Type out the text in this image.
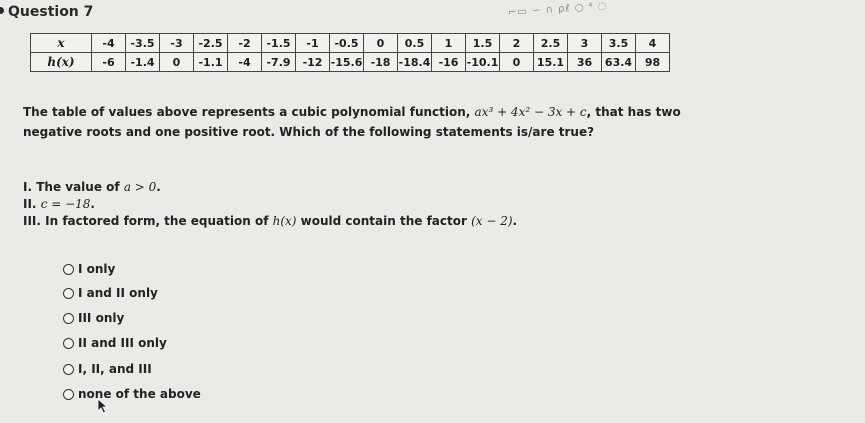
Question 7	⌐▭ ∽ ∩ ρℓ ○ ⁴ ◌
x	-4	-3.5	-3	-2.5	-2	-1.5	-1	-0.5	0	0.5	1	1.5	2	2.5	3	3.5	4
h(x)	-6	-1.4	0	-1.1	-4	-7.9	-12	-15.6	-18	-18.4	-16	-10.1	0	15.1	36	63.4	98
The table of values above represents a cubic polynomial function, ax³ + 4x² − 3x + c, that has two
negative roots and one positive root. Which of the following statements is/are true?
I. The value of a > 0.
II. c = −18.
III. In factored form, the equation of h(x) would contain the factor (x − 2).
I only
I and II only
III only
II and III only
I, II, and III
none of the above
